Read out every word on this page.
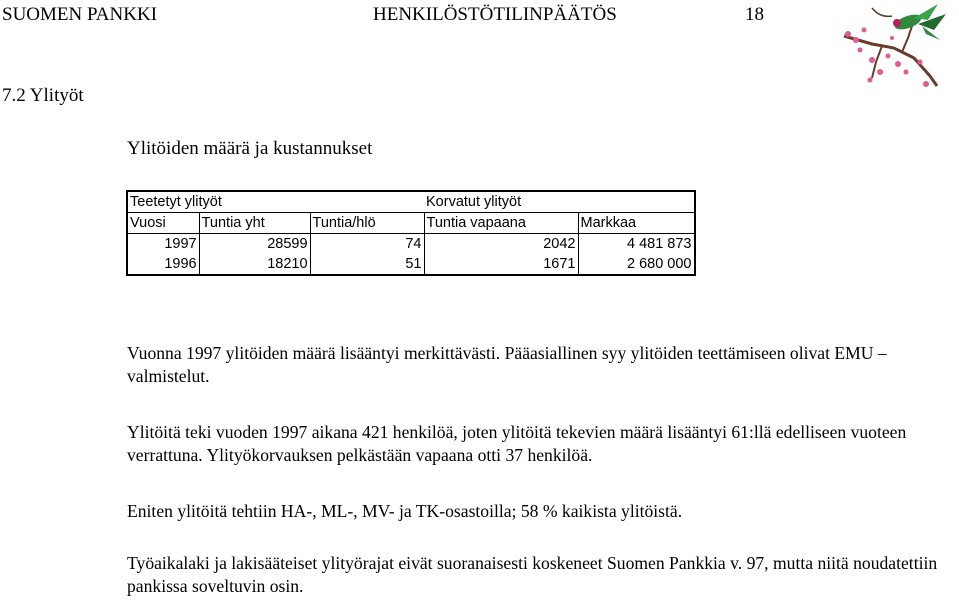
SUOMEN PANKKI	HENKILÖSTÖTILINPÄÄTÖS	18
7.2 Ylityöt
Ylitöiden määrä ja kustannukset
Teetetyt ylityöt			Korvatut ylityöt	
Vuosi	Tuntia yht	Tuntia/hlö	Tuntia vapaana	Markkaa
1997	28599	74	2042	4 481 873
1996	18210	51	1671	2 680 000
Vuonna 1997 ylitöiden määrä lisääntyi merkittävästi. Pääasiallinen syy ylitöiden teettämiseen olivat EMU –valmistelut.
Ylitöitä teki vuoden 1997 aikana 421 henkilöä, joten ylitöitä tekevien määrä lisääntyi 61:llä edelliseen vuoteen verrattuna. Ylityökorvauksen pelkästään vapaana otti 37 henkilöä.
Eniten ylitöitä tehtiin HA-, ML-, MV- ja TK-osastoilla; 58 % kaikista ylitöistä.
Työaikalaki ja lakisääteiset ylityörajat eivät suoranaisesti koskeneet Suomen Pankkia v. 97, mutta niitä noudatettiin pankissa soveltuvin osin.
